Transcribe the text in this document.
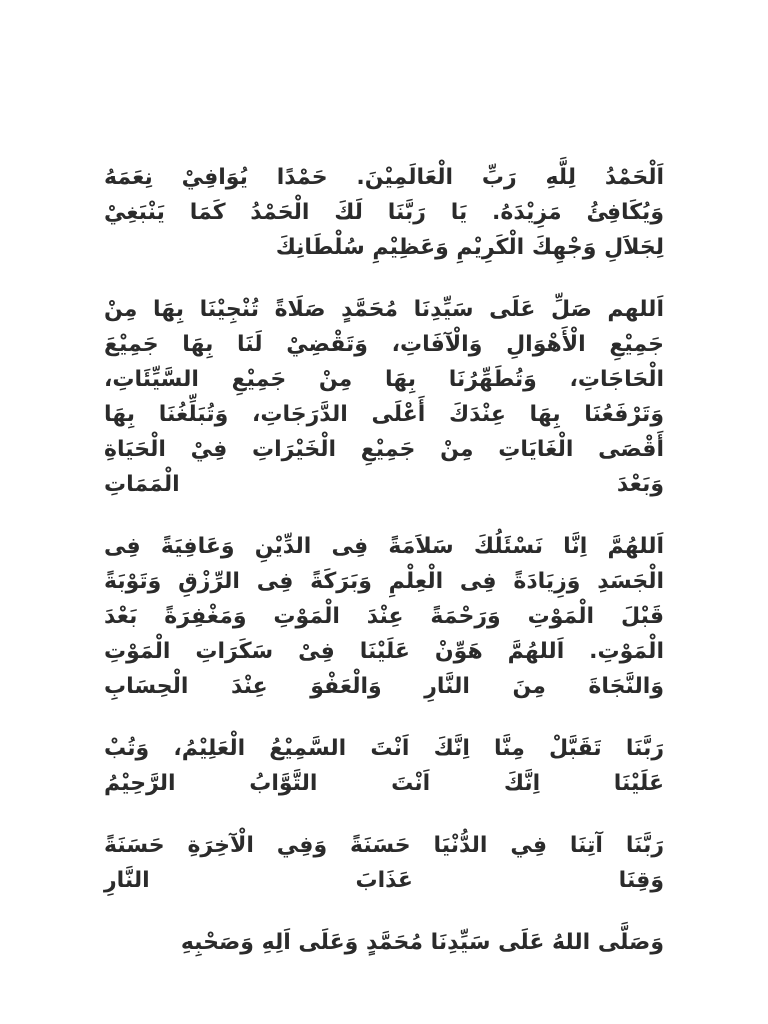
اَلْحَمْدُ لِلَّهِ رَبِّ الْعَالَمِيْنَ. حَمْدًا يُوَافِيْ نِعَمَهُ
وَيُكَافِئُ مَزِيْدَهُ. يَا رَبَّنَا لَكَ الْحَمْدُ كَمَا يَنْبَغِيْ
لِجَلاَلِ وَجْهِكَ الْكَرِيْمِ وَعَظِيْمِ سُلْطَانِكَ
اَللهم صَلِّ عَلَى سَيِّدِنَا مُحَمَّدٍ صَلَاةً تُنْجِيْنَا بِهَا مِنْ
جَمِيْعِ الْأَهْوَالِ وَالْآفَاتِ، وَتَقْضِيْ لَنَا بِهَا جَمِيْعَ
الْحَاجَاتِ، وَتُطَهِّرُنَا بِهَا مِنْ جَمِيْعِ السَّيِّئَاتِ،
وَتَرْفَعُنَا بِهَا عِنْدَكَ أَعْلَى الدَّرَجَاتِ، وَتُبَلِّغُنَا بِهَا
أَقْصَى الْغَايَاتِ مِنْ جَمِيْعِ الْخَيْرَاتِ فِيْ الْحَيَاةِ
وَبَعْدَ الْمَمَاتِ
اَللهُمَّ اِنَّا نَسْئَلُكَ سَلاَمَةً فِى الدِّيْنِ وَعَافِيَةً فِى
الْجَسَدِ وَزِيَادَةً فِى الْعِلْمِ وَبَرَكَةً فِى الرِّزْقِ وَتَوْبَةً
قَبْلَ الْمَوْتِ وَرَحْمَةً عِنْدَ الْمَوْتِ وَمَغْفِرَةً بَعْدَ
الْمَوْتِ. اَللهُمَّ هَوِّنْ عَلَيْنَا فِىْ سَكَرَاتِ الْمَوْتِ
وَالنَّجَاةَ مِنَ النَّارِ وَالْعَفْوَ عِنْدَ الْحِسَابِ
رَبَّنَا تَقَبَّلْ مِنَّا اِنَّكَ اَنْتَ السَّمِيْعُ الْعَلِيْمُ، وَتُبْ
عَلَيْنَا اِنَّكَ اَنْتَ التَّوَّابُ الرَّحِيْمُ
رَبَّنَا آتِنَا فِي الدُّنْيَا حَسَنَةً وَفِي الْآخِرَةِ حَسَنَةً
وَقِنَا عَذَابَ النَّارِ
وَصَلَّى اللهُ عَلَى سَيِّدِنَا مُحَمَّدٍ وَعَلَى اَلِهِ وَصَحْبِهِ
